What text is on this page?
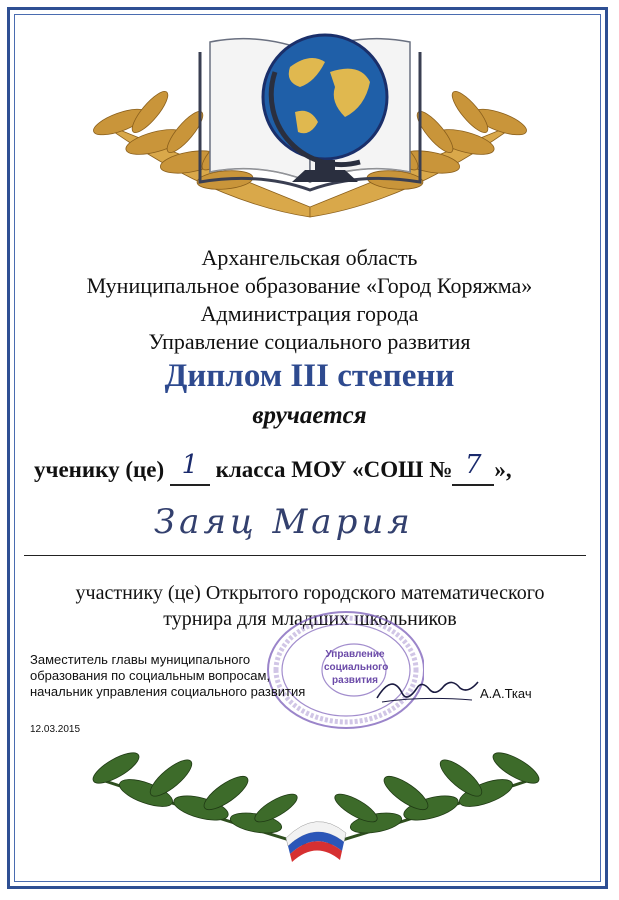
Архангельская область

Муниципальное образование «Город Коряжма»

Администрация города

Управление социального развития

Диплом III степени
вручается
ученику (це) 1 класса МОУ «СОШ № 7 »,
Заяц Мария
участнику (це) Открытого городского математического
турнира для младших школьников
Управление
социального
развития
Заместитель главы муниципального
образования по социальным вопросам,
начальник управления социального развития	А.А.Ткач
12.03.2015
